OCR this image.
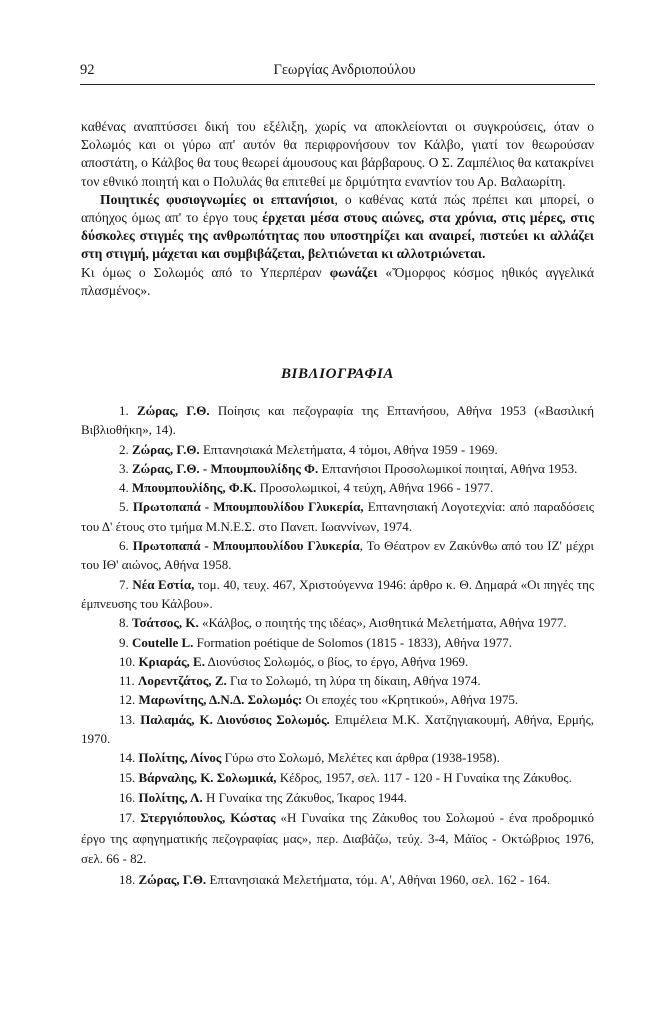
92	Γεωργίας Ανδριοπούλου

καθένας αναπτύσσει δική του εξέλιξη, χωρίς να αποκλείονται οι συγκρούσεις, όταν ο Σολωμός και οι γύρω απ' αυτόν θα περιφρονήσουν τον Κάλβο, γιατί τον θεωρούσαν αποστάτη, ο Κάλβος θα τους θεωρεί άμουσους και βάρβαρους. Ο Σ. Ζαμπέλιος θα κατακρίνει τον εθνικό ποιητή και ο Πολυλάς θα επιτεθεί με δριμύτητα εναντίον του Αρ. Βαλαωρίτη.

Ποιητικές φυσιογνωμίες οι επτανήσιοι, ο καθένας κατά πώς πρέπει και μπορεί, ο απόηχος όμως απ' το έργο τους έρχεται μέσα στους αιώνες, στα χρόνια, στις μέρες, στις δύσκολες στιγμές της ανθρωπότητας που υποστηρίζει και αναιρεί, πιστεύει κι αλλάζει στη στιγμή, μάχεται και συμβιβάζεται, βελτιώνεται κι αλλοτριώνεται.

Κι όμως ο Σολωμός από το Υπερπέραν φωνάζει «Ὄμορφος κόσμος ηθικός αγγελικά πλασμένος».

ΒΙΒΛΙΟΓΡΑΦΙΑ
1. Ζώρας, Γ.Θ. Ποίησις και πεζογραφία της Επτανήσου, Αθήνα 1953 («Βασιλική Βιβλιοθήκη», 14).
2. Ζώρας, Γ.Θ. Επτανησιακά Μελετήματα, 4 τόμοι, Αθήνα 1959 - 1969.
3. Ζώρας, Γ.Θ. - Μπουμπουλίδης Φ. Επτανήσιοι Προσολωμικοί ποιηταί, Αθήνα 1953.
4. Μπουμπουλίδης, Φ.Κ. Προσολωμικοί, 4 τεύχη, Αθήνα 1966 - 1977.
5. Πρωτοπαπά - Μπουμπουλίδου Γλυκερία, Επτανησιακή Λογοτεχνία: από παραδόσεις του Δ' έτους στο τμήμα Μ.Ν.Ε.Σ. στο Πανεπ. Ιωαννίνων, 1974.
6. Πρωτοπαπά - Μπουμπουλίδου Γλυκερία, Το Θέατρον εν Ζακύνθω από του ΙΖ' μέχρι του ΙΘ' αιώνος, Αθήνα 1958.
7. Νέα Εστία, τομ. 40, τευχ. 467, Χριστούγεννα 1946: άρθρο κ. Θ. Δημαρά «Οι πηγές της έμπνευσης του Κάλβου».
8. Τσάτσος, Κ. «Κάλβος, ο ποιητής της ιδέας», Αισθητικά Μελετήματα, Αθήνα 1977.
9. Coutelle L. Formation poétique de Solomos (1815 - 1833), Αθήνα 1977.
10. Κριαράς, Ε. Διονύσιος Σολωμός, ο βίος, το έργο, Αθήνα 1969.
11. Λορεντζάτος, Ζ. Για το Σολωμό, τη λύρα τη δίκαιη, Αθήνα 1974.
12. Μαρωνίτης, Δ.Ν.Δ. Σολωμός: Οι εποχές του «Κρητικού», Αθήνα 1975.
13. Παλαμάς, Κ. Διονύσιος Σολωμός. Επιμέλεια Μ.Κ. Χατζηγιακουμή, Αθήνα, Ερμής, 1970.
14. Πολίτης, Λίνος Γύρω στο Σολωμό, Μελέτες και άρθρα (1938-1958).
15. Βάρναλης, Κ. Σολωμικά, Κέδρος, 1957, σελ. 117 - 120 - Η Γυναίκα της Ζάκυθος.
16. Πολίτης, Λ. Η Γυναίκα της Ζάκυθος, Ίκαρος 1944.
17. Στεργιόπουλος, Κώστας «Η Γυναίκα της Ζάκυθος του Σολωμού - ένα προδρομικό έργο της αφηγηματικής πεζογραφίας μας», περ. Διαβάζω, τεύχ. 3-4, Μάϊος - Οκτώβριος 1976, σελ. 66 - 82.
18. Ζώρας, Γ.Θ. Επτανησιακά Μελετήματα, τόμ. Α', Αθήναι 1960, σελ. 162 - 164.
